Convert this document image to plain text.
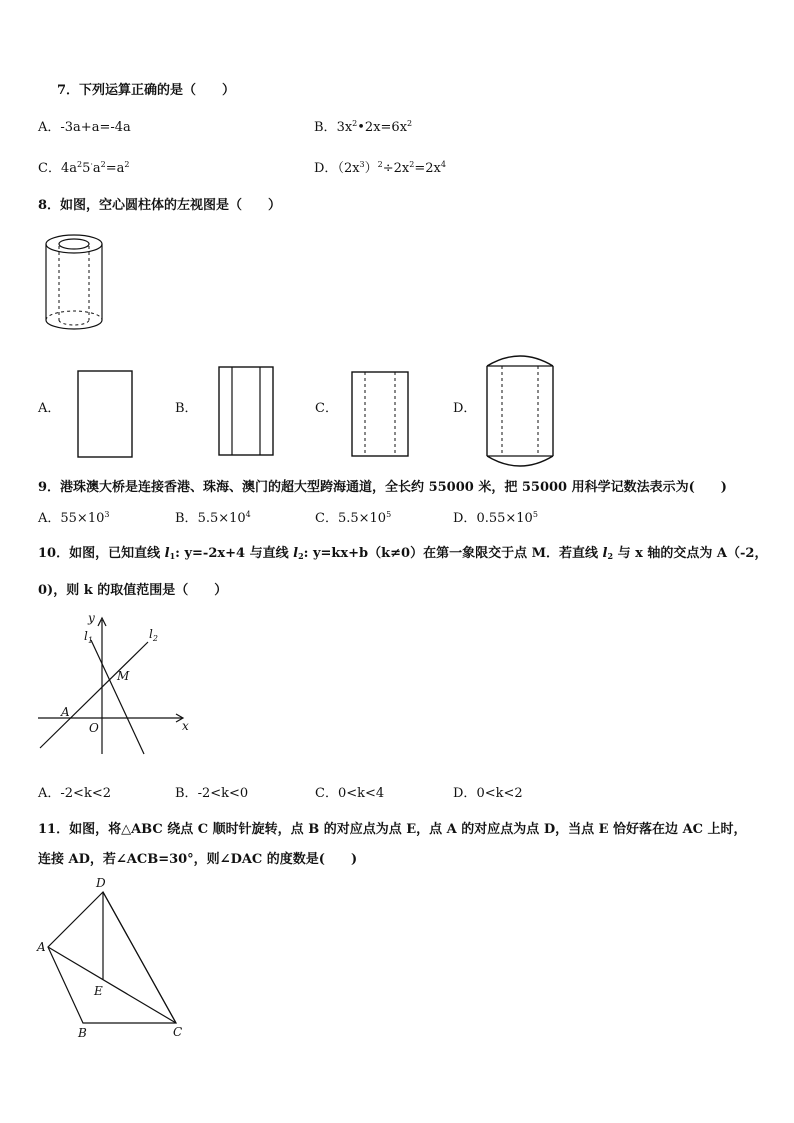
7．下列运算正确的是（　　）
A．-3a+a=-4a	B．$3x^2•2x=6x^2$
C．$4a^25^\cdot a^2=a^2$	D．$(2x^3)^2\div 2x^2=2x^4$
8．如图，空心圆柱体的左视图是（　　）
A．	B．	C．	D．
9．港珠澳大桥是连接香港、珠海、澳门的超大型跨海通道，全长约 55000 米，把 55000 用科学记数法表示为(　　)
A．$55\times 10^3$	B．$5.5\times 10^4$	C．$5.5\times 10^5$	D．$0.55\times 10^5$
10．如图，已知直线 $l_1$: y=-2x+4 与直线 $l_2$: y=kx+b（k≠0）在第一象限交于点 M．若直线 $l_2$ 与 x 轴的交点为 A（-2，
0)，则 k 的取值范围是（　　）
y
x
O
A
M
$l_1$	$l_2$
A．-2<k<2	B．-2<k<0	C．0<k<4	D．0<k<2
11．如图，将△ABC 绕点 C 顺时针旋转，点 B 的对应点为点 E，点 A 的对应点为点 D，当点 E 恰好落在边 AC 上时，
连接 AD，若∠ACB=30°，则∠DAC 的度数是(　　)
D
A
E
B	C
